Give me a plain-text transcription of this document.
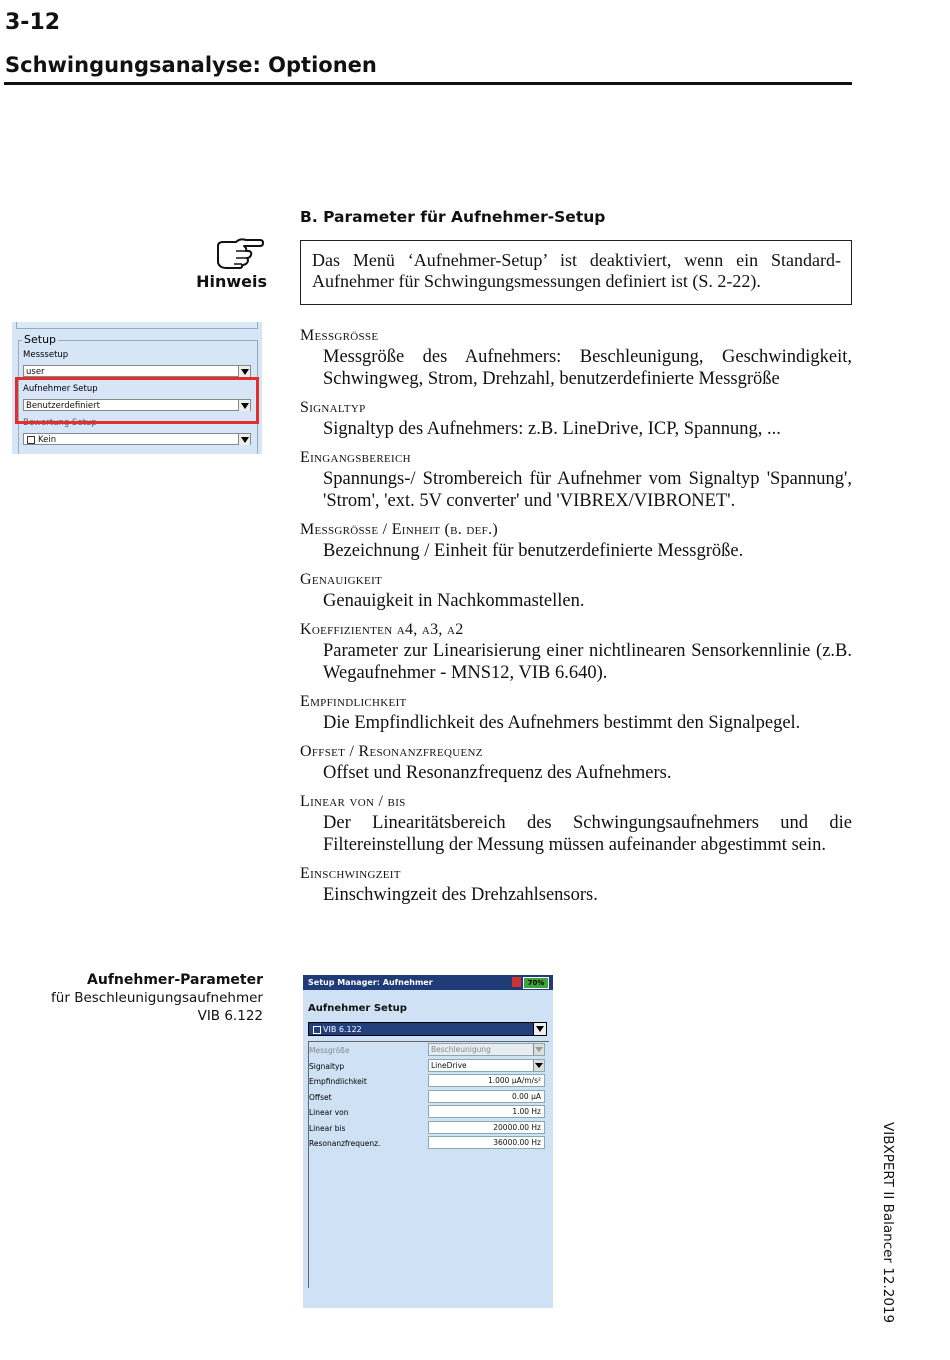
3-12
Schwingungsanalyse: Optionen
B. Parameter für Aufnehmer-Setup
Hinweis
Das Menü ‘Aufnehmer-Setup’ ist deaktiviert, wenn ein Standard-Aufnehmer für Schwingungsmessungen definiert ist (S. 2-22).
Messgrösse
Messgröße des Aufnehmers: Beschleunigung, Geschwindigkeit, Schwingweg, Strom, Drehzahl, benutzerdefinierte Messgröße
Signaltyp
Signaltyp des Aufnehmers: z.B. LineDrive, ICP, Spannung, ...
Eingangsbereich
Spannungs-/ Strombereich für Aufnehmer vom Signaltyp 'Spannung', 'Strom', 'ext. 5V converter' und 'VIBREX/VIBRONET'.
Messgrösse / Einheit (b. def.)
Bezeichnung / Einheit für benutzerdefinierte Messgröße.
Genauigkeit
Genauigkeit in Nachkommastellen.
Koeffizienten a4, a3, a2
Parameter zur Linearisierung einer nichtlinearen Sensorkennlinie (z.B. Wegaufnehmer - MNS12, VIB 6.640).
Empfindlichkeit
Die Empfindlichkeit des Aufnehmers bestimmt den Signalpegel.
Offset / Resonanzfrequenz
Offset und Resonanzfrequenz des Aufnehmers.
Linear von / bis
Der Linearitätsbereich des Schwingungsaufnehmers und die Filtereinstellung der Messung müssen aufeinander abgestimmt sein.
Einschwingzeit
Einschwingzeit des Drehzahlsensors.
Setup
Messsetup
user
Aufnehmer Setup
Benutzerdefiniert
Bewertung Setup
Kein
Aufnehmer-Parameter
für Beschleunigungsaufnehmer
VIB 6.122
Setup Manager: Aufnehmer	70%
Aufnehmer Setup
VIB 6.122
Messgröße	Beschleunigung
Signaltyp	LineDrive
Empfindlichkeit	1.000 µA/m/s²
Offset	0.00 µA
Linear von	1.00 Hz
Linear bis	20000.00 Hz
Resonanzfrequenz.	36000.00 Hz	VIBXPERT II Balancer 12.2019
